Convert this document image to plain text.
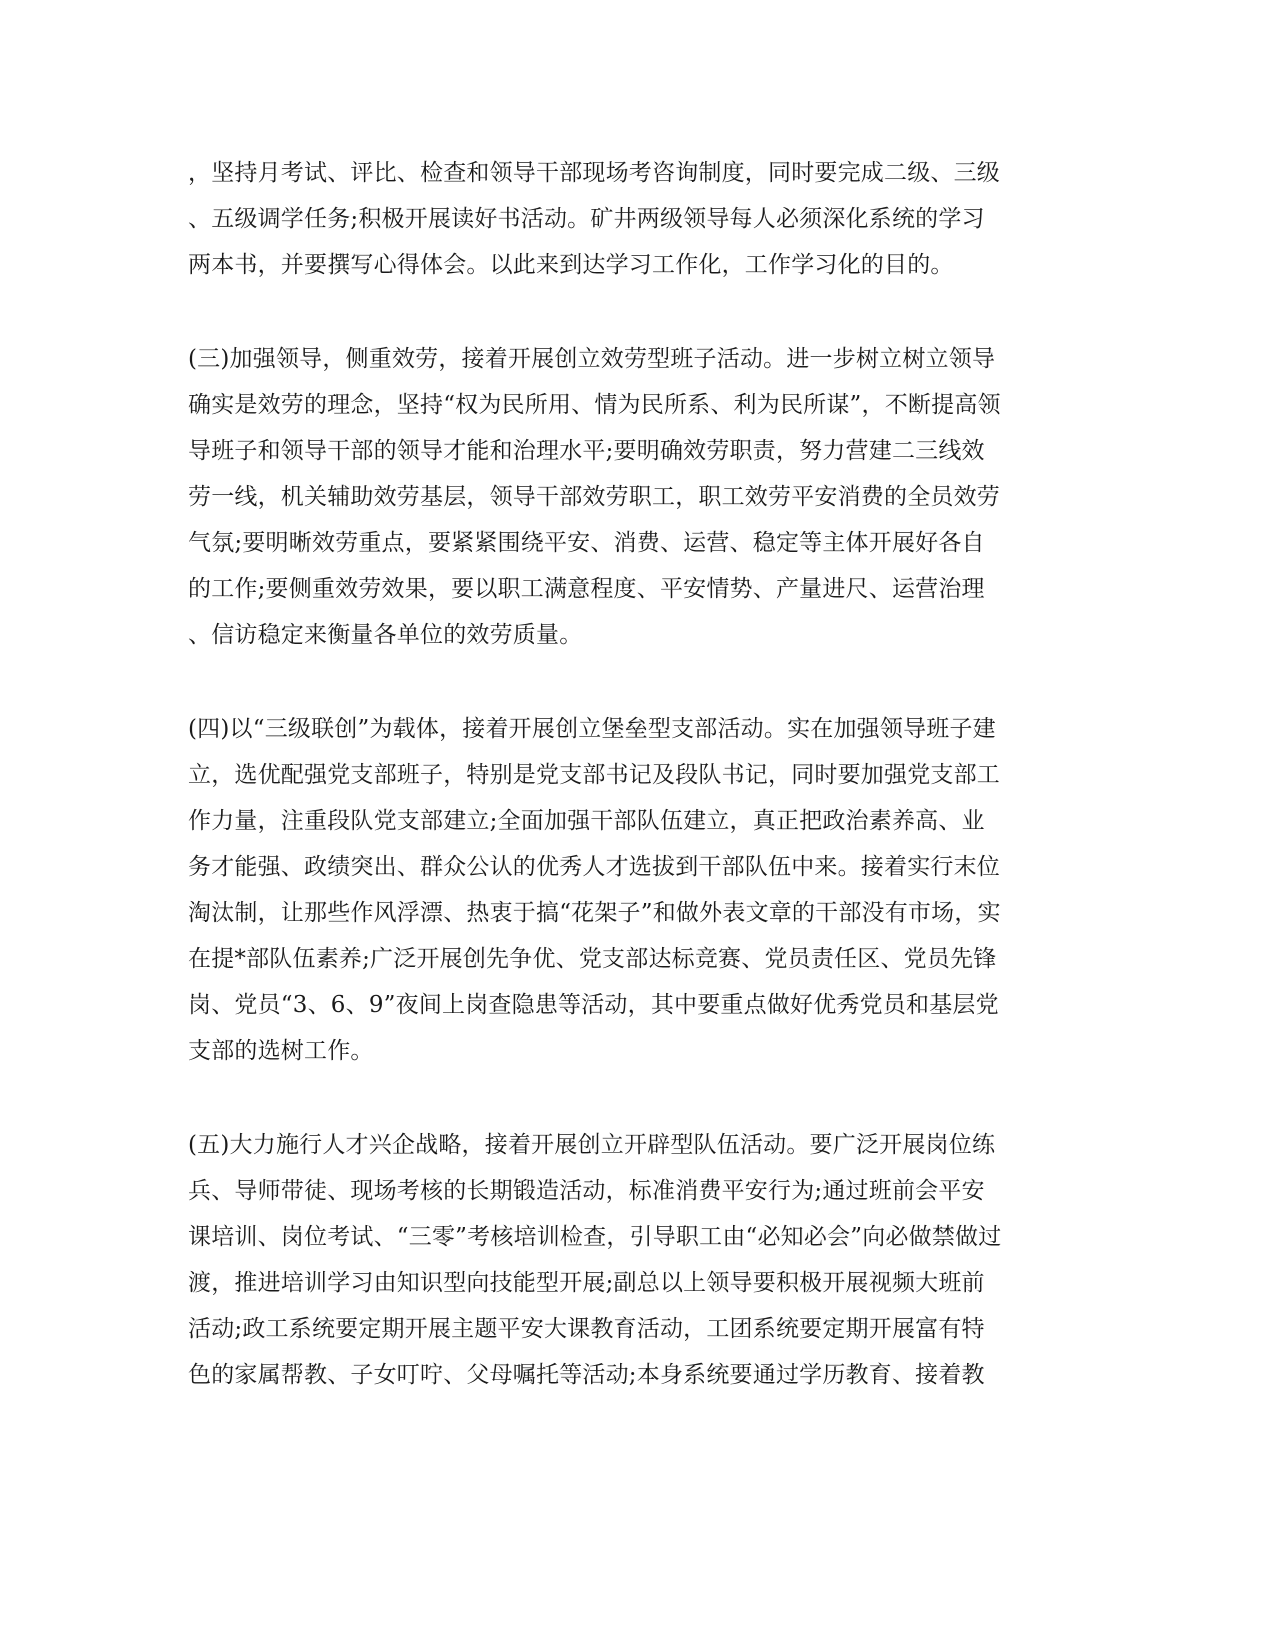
，坚持月考试、评比、检查和领导干部现场考咨询制度，同时要完成二级、三级
、五级调学任务;积极开展读好书活动。矿井两级领导每人必须深化系统的学习
两本书，并要撰写心得体会。以此来到达学习工作化，工作学习化的目的。
(三)加强领导，侧重效劳，接着开展创立效劳型班子活动。进一步树立树立领导
确实是效劳的理念，坚持“权为民所用、情为民所系、利为民所谋”，不断提高领
导班子和领导干部的领导才能和治理水平;要明确效劳职责，努力营建二三线效
劳一线，机关辅助效劳基层，领导干部效劳职工，职工效劳平安消费的全员效劳
气氛;要明晰效劳重点，要紧紧围绕平安、消费、运营、稳定等主体开展好各自
的工作;要侧重效劳效果，要以职工满意程度、平安情势、产量进尺、运营治理
、信访稳定来衡量各单位的效劳质量。
(四)以“三级联创”为载体，接着开展创立堡垒型支部活动。实在加强领导班子建
立，选优配强党支部班子，特别是党支部书记及段队书记，同时要加强党支部工
作力量，注重段队党支部建立;全面加强干部队伍建立，真正把政治素养高、业
务才能强、政绩突出、群众公认的优秀人才选拔到干部队伍中来。接着实行末位
淘汰制，让那些作风浮漂、热衷于搞“花架子”和做外表文章的干部没有市场，实
在提*部队伍素养;广泛开展创先争优、党支部达标竞赛、党员责任区、党员先锋
岗、党员“3、6、9”夜间上岗查隐患等活动，其中要重点做好优秀党员和基层党
支部的选树工作。
(五)大力施行人才兴企战略，接着开展创立开辟型队伍活动。要广泛开展岗位练
兵、导师带徒、现场考核的长期锻造活动，标准消费平安行为;通过班前会平安
课培训、岗位考试、“三零”考核培训检查，引导职工由“必知必会”向必做禁做过
渡，推进培训学习由知识型向技能型开展;副总以上领导要积极开展视频大班前
活动;政工系统要定期开展主题平安大课教育活动，工团系统要定期开展富有特
色的家属帮教、子女叮咛、父母嘱托等活动;本身系统要通过学历教育、接着教
